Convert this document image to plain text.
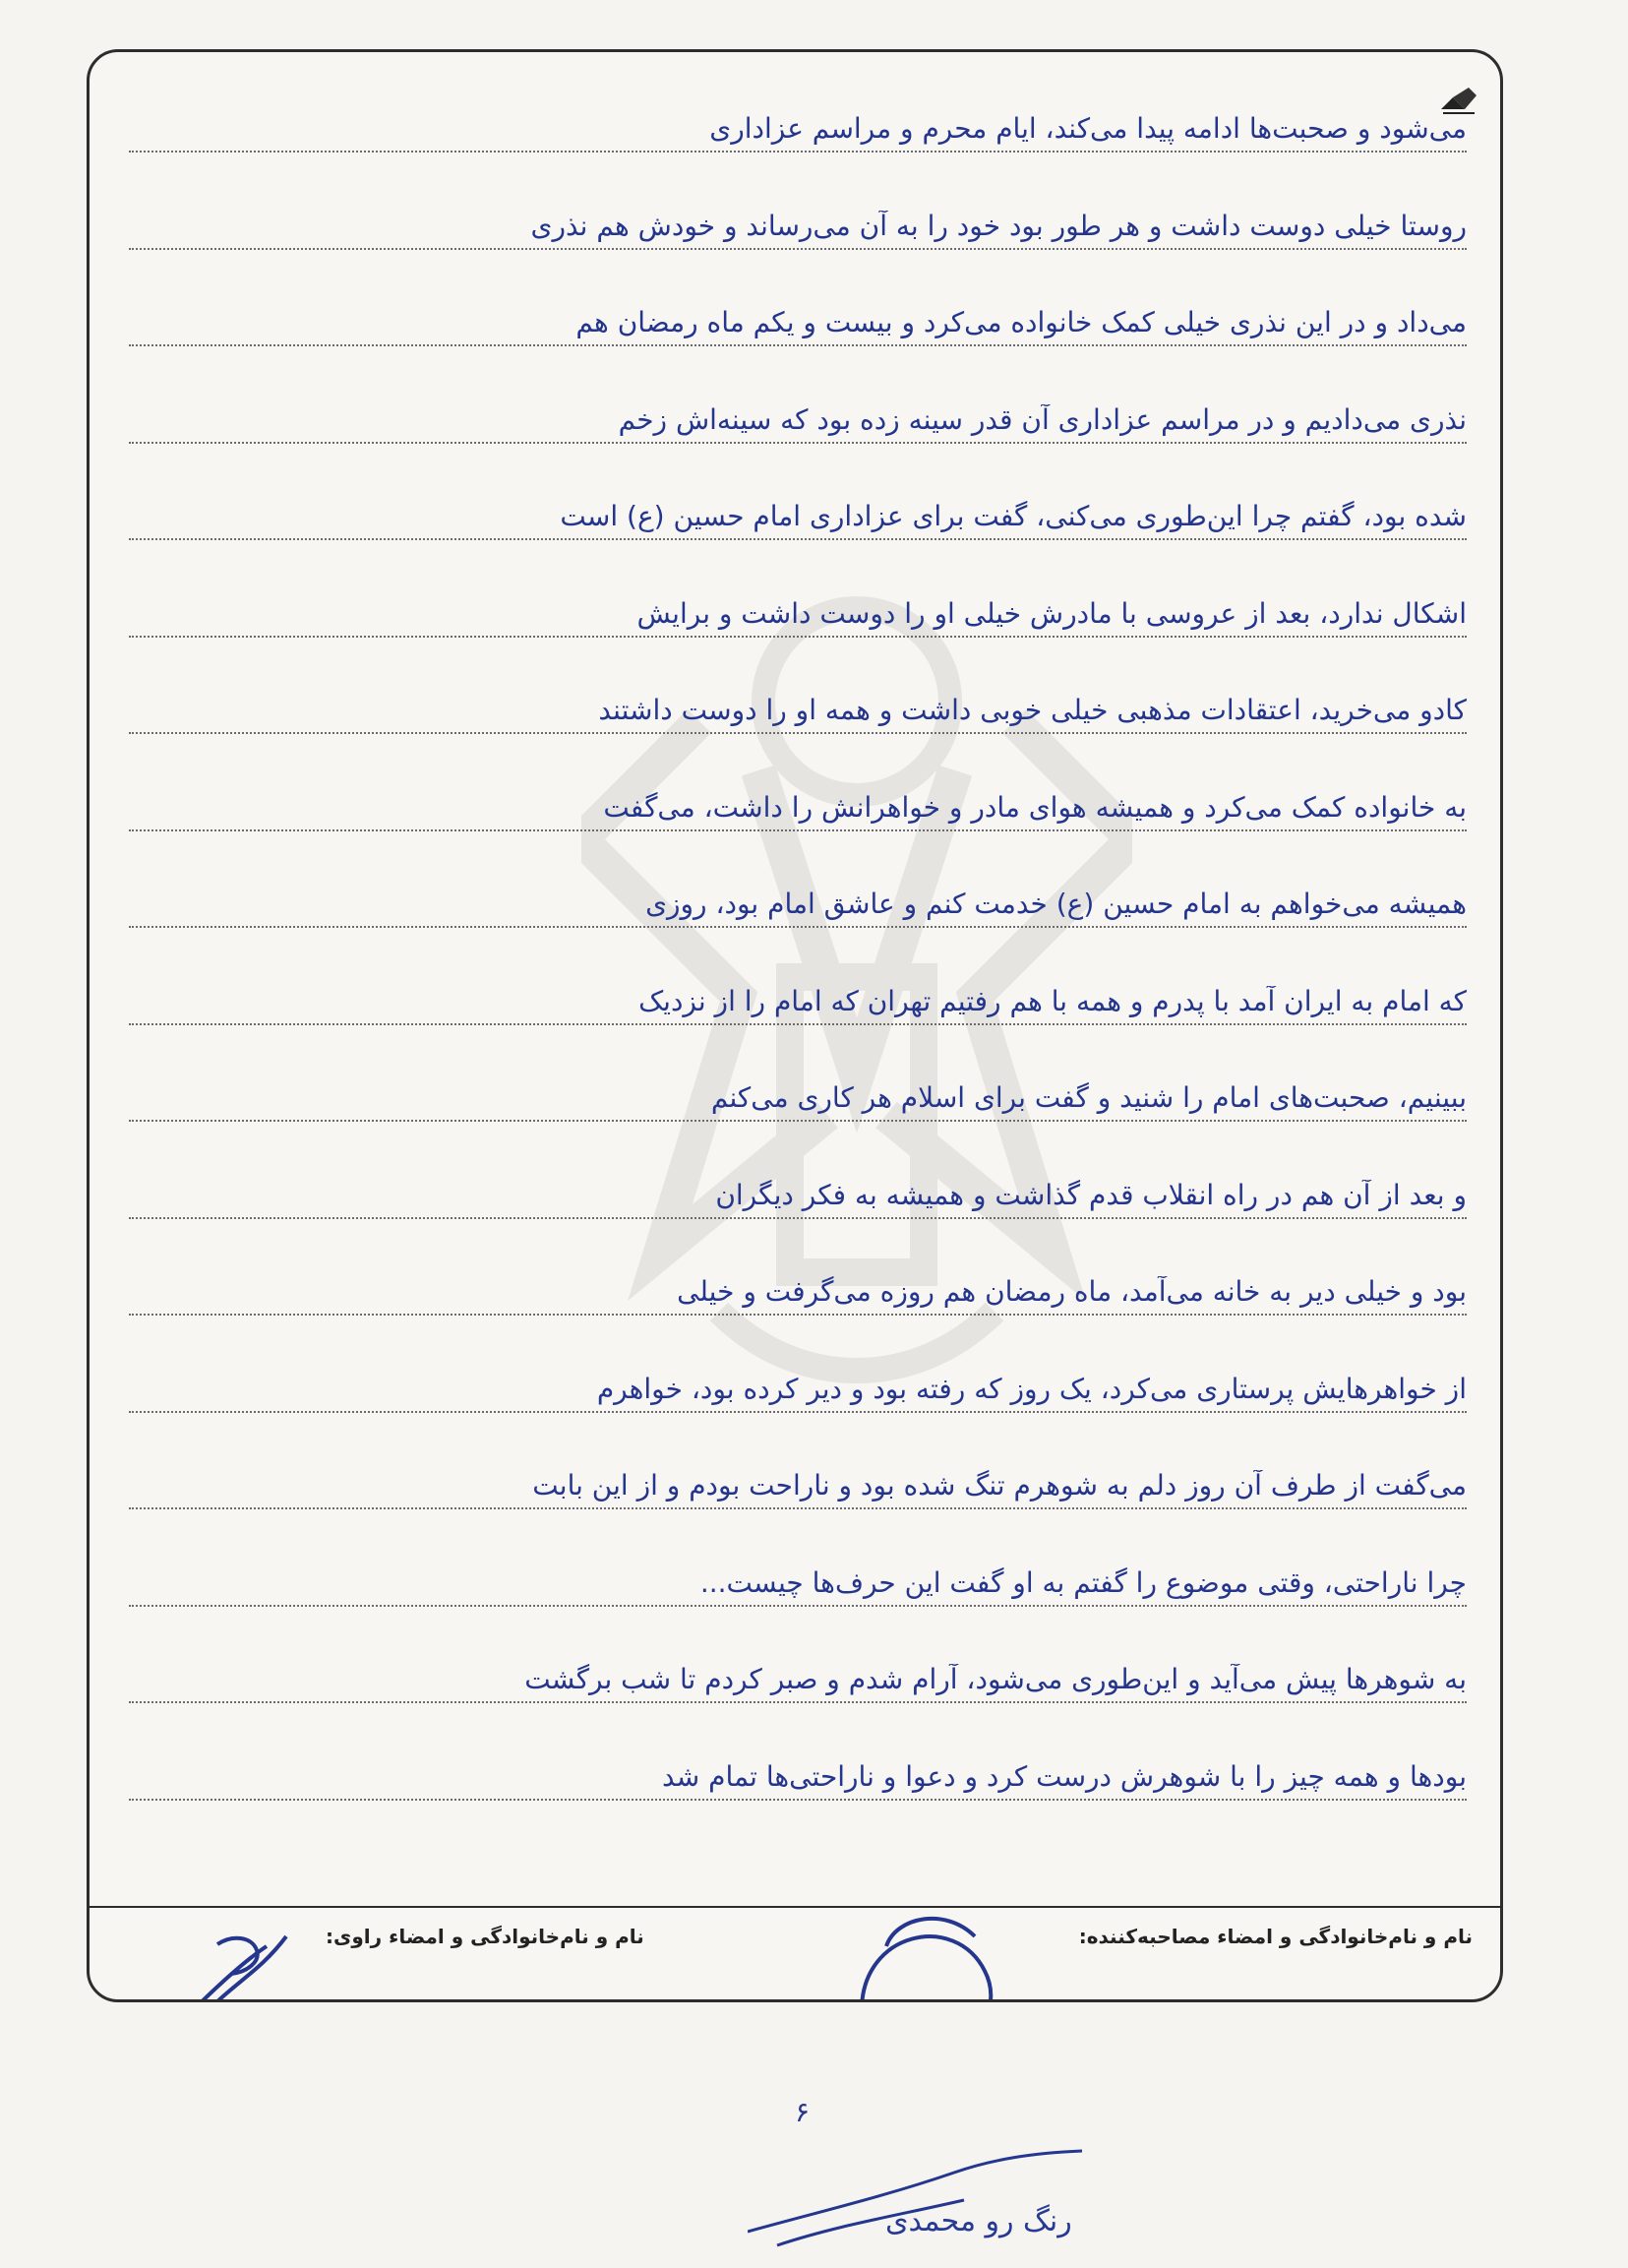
می‌شود و صحبت‌ها ادامه پیدا می‌کند، ایام محرم و مراسم عزاداری
روستا خیلی دوست داشت و هر طور بود خود را به آن می‌رساند و خودش هم نذری
می‌داد و در این نذری خیلی کمک خانواده می‌کرد و بیست و یکم ماه رمضان هم
نذری می‌دادیم و در مراسم عزاداری آن قدر سینه زده بود که سینه‌اش زخم
شده بود، گفتم چرا این‌طوری می‌کنی، گفت برای عزاداری امام حسین (ع) است
اشکال ندارد، بعد از عروسی با مادرش خیلی او را دوست داشت و برایش
کادو می‌خرید، اعتقادات مذهبی خیلی خوبی داشت و همه او را دوست داشتند
به خانواده کمک می‌کرد و همیشه هوای مادر و خواهرانش را داشت، می‌گفت
همیشه می‌خواهم به امام حسین (ع) خدمت کنم و عاشق امام بود، روزی
که امام به ایران آمد با پدرم و همه با هم رفتیم تهران که امام را از نزدیک
ببینیم، صحبت‌های امام را شنید و گفت برای اسلام هر کاری می‌کنم
و بعد از آن هم در راه انقلاب قدم گذاشت و همیشه به فکر دیگران
بود و خیلی دیر به خانه می‌آمد، ماه رمضان هم روزه می‌گرفت و خیلی
از خواهرهایش پرستاری می‌کرد، یک روز که رفته بود و دیر کرده بود، خواهرم
می‌گفت از طرف آن روز دلم به شوهرم تنگ شده بود و ناراحت بودم و از این بابت
چرا ناراحتی، وقتی موضوع را گفتم به او گفت این حرف‌ها چیست...
به شوهرها پیش می‌آید و این‌طوری می‌شود، آرام شدم و صبر کردم تا شب برگشت
بودها و همه چیز را با شوهرش درست کرد و دعوا و ناراحتی‌ها تمام شد
نام و نام‌خانوادگی و امضاء راوی:	نام و نام‌خانوادگی و امضاء مصاحبه‌کننده:
۶
رنگ رو محمدی
